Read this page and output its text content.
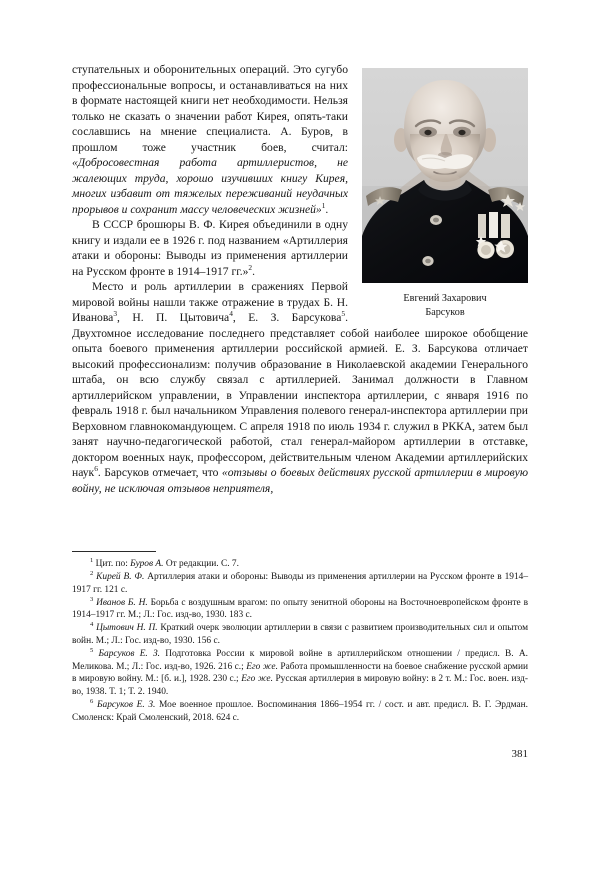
Евгений Захарович
Барсуков

ступательных и оборонительных операций. Это сугубо профессиональные вопросы, и останавливаться на них в формате настоящей книги нет необходимости. Нельзя только не сказать о значении работ Кирея, опять-таки сославшись на мнение специалиста. А. Буров, в прошлом тоже участник боев, считал: «Добросовестная работа артиллеристов, не жалеющих труда, хорошо изучивших книгу Кирея, многих избавит от тяжелых переживаний неудачных прорывов и сохранит массу человеческих жизней»$^1$.

В СССР брошюры В. Ф. Кирея объединили в одну книгу и издали ее в 1926 г. под названием «Артиллерия атаки и обороны: Выводы из применения артиллерии на Русском фронте в 1914–1917 гг.»$^2$.

Место и роль артиллерии в сражениях Первой мировой войны нашли также отражение в трудах Б. Н. Иванова$^3$, Н. П. Цытовича$^4$, Е. З. Барсукова$^5$. Двухтомное исследование последнего представляет собой наиболее широкое обобщение опыта боевого применения артиллерии российской армией. Е. З. Барсукова отличает высокий профессионализм: получив образование в Николаевской академии Генерального штаба, он всю службу связал с артиллерией. Занимал должности в Главном артиллерийском управлении, в Управлении инспектора артиллерии, с января 1916 по февраль 1918 г. был начальником Управления полевого генерал-инспектора артиллерии при Верховном главнокомандующем. С апреля 1918 по июль 1934 г. служил в РККА, затем был занят научно-педагогической работой, стал генерал-майором артиллерии в отставке, доктором военных наук, профессором, действительным членом Академии артиллерийских наук$^6$. Барсуков отмечает, что «отзывы о боевых действиях русской артиллерии в мировую войну, не исключая отзывов неприятеля,

$^1$ Цит. по: Буров А. От редакции. С. 7.

$^2$ Кирей В. Ф. Артиллерия атаки и обороны: Выводы из применения артиллерии на Русском фронте в 1914–1917 гг. 121 с.

$^3$ Иванов Б. Н. Борьба с воздушным врагом: по опыту зенитной обороны на Восточноевропейском фронте в 1914–1917 гг. М.; Л.: Гос. изд-во, 1930. 183 с.

$^4$ Цытович Н. П. Краткий очерк эволюции артиллерии в связи с развитием производительных сил и опытом войн. М.; Л.: Гос. изд-во, 1930. 156 с.

$^5$ Барсуков Е. З. Подготовка России к мировой войне в артиллерийском отношении / предисл. В. А. Меликова. М.; Л.: Гос. изд-во, 1926. 216 с.; Его же. Работа промышленности на боевое снабжение русской армии в мировую войну. М.: [б. и.], 1928. 230 с.; Его же. Русская артиллерия в мировую войну: в 2 т. М.: Гос. воен. изд-во, 1938. Т. 1; Т. 2. 1940.

$^6$ Барсуков Е. З. Мое военное прошлое. Воспоминания 1866–1954 гг. / сост. и авт. предисл. В. Г. Эрдман. Смоленск: Край Смоленский, 2018. 624 с.

381
